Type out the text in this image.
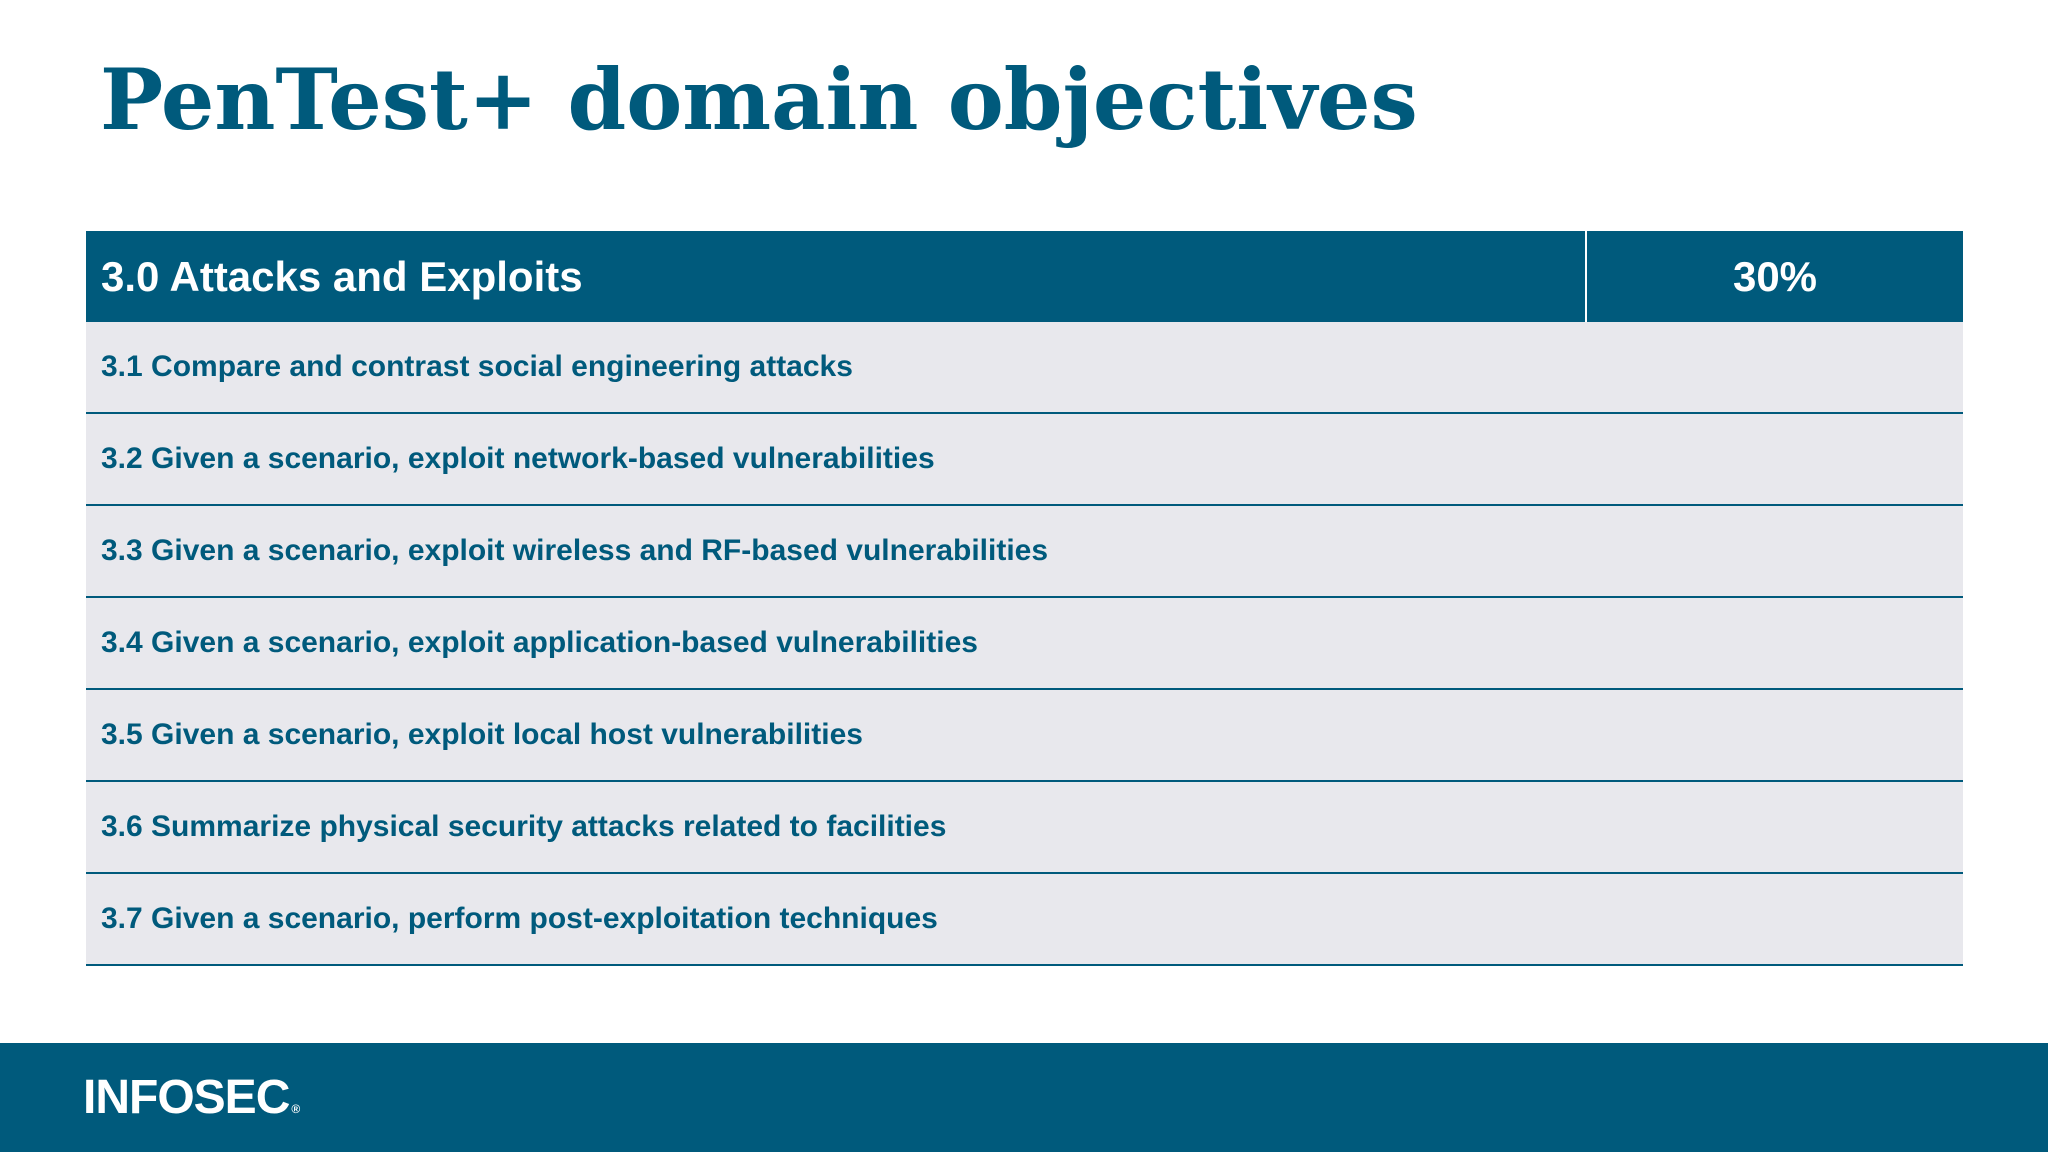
PenTest+ domain objectives
3.0 Attacks and Exploits	30%
3.1 Compare and contrast social engineering attacks
3.2 Given a scenario, exploit network-based vulnerabilities
3.3 Given a scenario, exploit wireless and RF-based vulnerabilities
3.4 Given a scenario, exploit application-based vulnerabilities
3.5 Given a scenario, exploit local host vulnerabilities
3.6 Summarize physical security attacks related to facilities
3.7 Given a scenario, perform post-exploitation techniques
INFOSEC ®
